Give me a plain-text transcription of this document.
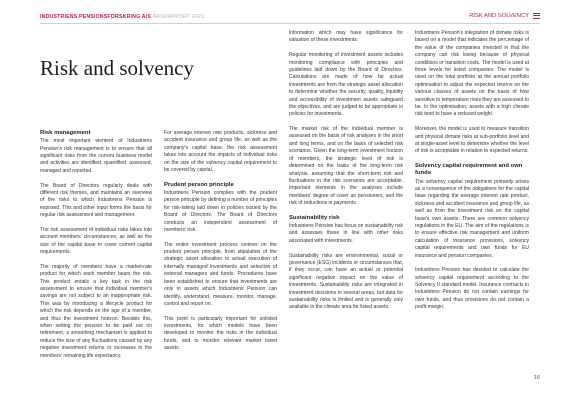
INDUSTRIENS PENSIONSFORSKRING A/S ÅRSRAPPORT 2023	RISK AND SOLVENCY
Risk and solvency
Risk management

The most important element of Industriens Pension's risk management is to ensure that all significant risks from the current business model and activities are identified, quantified, assessed, managed and reported.

The Board of Directors regularly deals with different risk themes, and maintains an overview of the risks to which Industriens Pension is exposed. This and other input forms the basis for regular risk assessment and management.

The risk assessment of individual risks takes into account members' circumstances, as well as the size of the capital base to cover current capital requirements.

The majority of members have a market-rate product for which each member bears the risk. This product entails a key task in the risk assessment to ensure that individual member's savings are not subject to an inappropriate risk. This was by introducing a lifecycle product for which the risk depends on the age of a member, and thus the investment horizon. Besides this, when setting the pension to be paid out on retirement, a smoothing mechanism is applied to reduce the size of any fluctuations caused by any negative investment returns or increases in the members' remaining life expectancy.

For average interest rate products, sickness and accident insurance and group life, as well as the company's capital base, the risk assessment takes into account the impacts of individual risks on the size of the solvency capital requirement to be covered by capital.

Prudent person principle

Industriens Pension complies with the prudent person principle by defining a number of principles for risk-taking laid down in policies issued by the Board of Directors. The Board of Directors conducts an independent assessment of members' risk.

The entire investment process centres on the prudent person principle, from stipulation of the strategic asset allocation to actual execution of internally managed investments and selection of external managers and funds. Procedures have been established to ensure that investments are only in assets which Industriens Pension can identify, understand, measure, monitor, manage, control and report on.

This point is particularly important for unlisted investments, for which models have been developed to monitor the risks in the individual funds, and to monitor relevant market listed assets.

information which may have significance for valuation of these investments.

Regular monitoring of investment assets includes monitoring compliance with principles and guidelines laid down by the Board of Directors. Calculations are made of how far actual investments are from the strategic asset allocation to determine whether the security, quality, liquidity and accessibility of investment assets safeguard the objectives, and are judged to be appropriate in policies for investments.

The market risk of the individual member is assessed on the basis of risk analyses in the short and long terms, and on the basis of selected risk scenarios. Given the long-term investment horizon of members, the strategic level of risk is determined on the basis of the long-term risk analysis, assuming that the short-term risk and fluctuations in the risk scenarios are acceptable. Important elements in the analyses include members' degree of cover as pensioners, and the risk of reductions in payments.

Sustainability risk

Industriens Pension has focus on sustainability risk and assesses these in line with other risks associated with investments.

Sustainability risks are environmental, social or governance (ESG) incidents or circumstances that, if they occur, can have an actual or potential significant negative impact on the value of investments. Sustainability risks are integrated in investment decisions in several areas, but data for sustainability risks is limited and is generally only available in the climate area for listed assets.

Industriens Pension's integration of climate risks is based on a model that indicates the percentage of the value of the companies invested in that the company can risk losing because of physical conditions or transition costs. The model is used at three levels for listed companies: The model is used on the total portfolio at the annual portfolio optimisation to adjust the expected returns on the various classes of assets on the basis of how sensitive to temperature rises they are assessed to be. In the optimisation, assets with a high climate risk tend to have a reduced weight.

Moreover, the model is used to measure transition and physical climate risks at sub-portfolio level and at single-asset level to determine whether the level of risk is acceptable in relation to expected returns.

Solvency capital requirement and own funds

The solvency capital requirement primarily arises as a consequence of the obligations for the capital base regarding the average interest rate product, sickness and accident insurance and group life, as well as from the investment risk on the capital base's own assets. There are common solvency regulations in the EU. The aim of the regulations is to ensure effective risk management and uniform calculation of insurance provisions, solvency capital requirements and own funds for EU insurance and pension companies.

Industriens Pension has decided to calculate the solvency capital requirement according to the Solvency II standard model. Insurance contracts in Industriens Pension do not contain earnings for own funds, and thus provisions do not contain a profit margin.

16
